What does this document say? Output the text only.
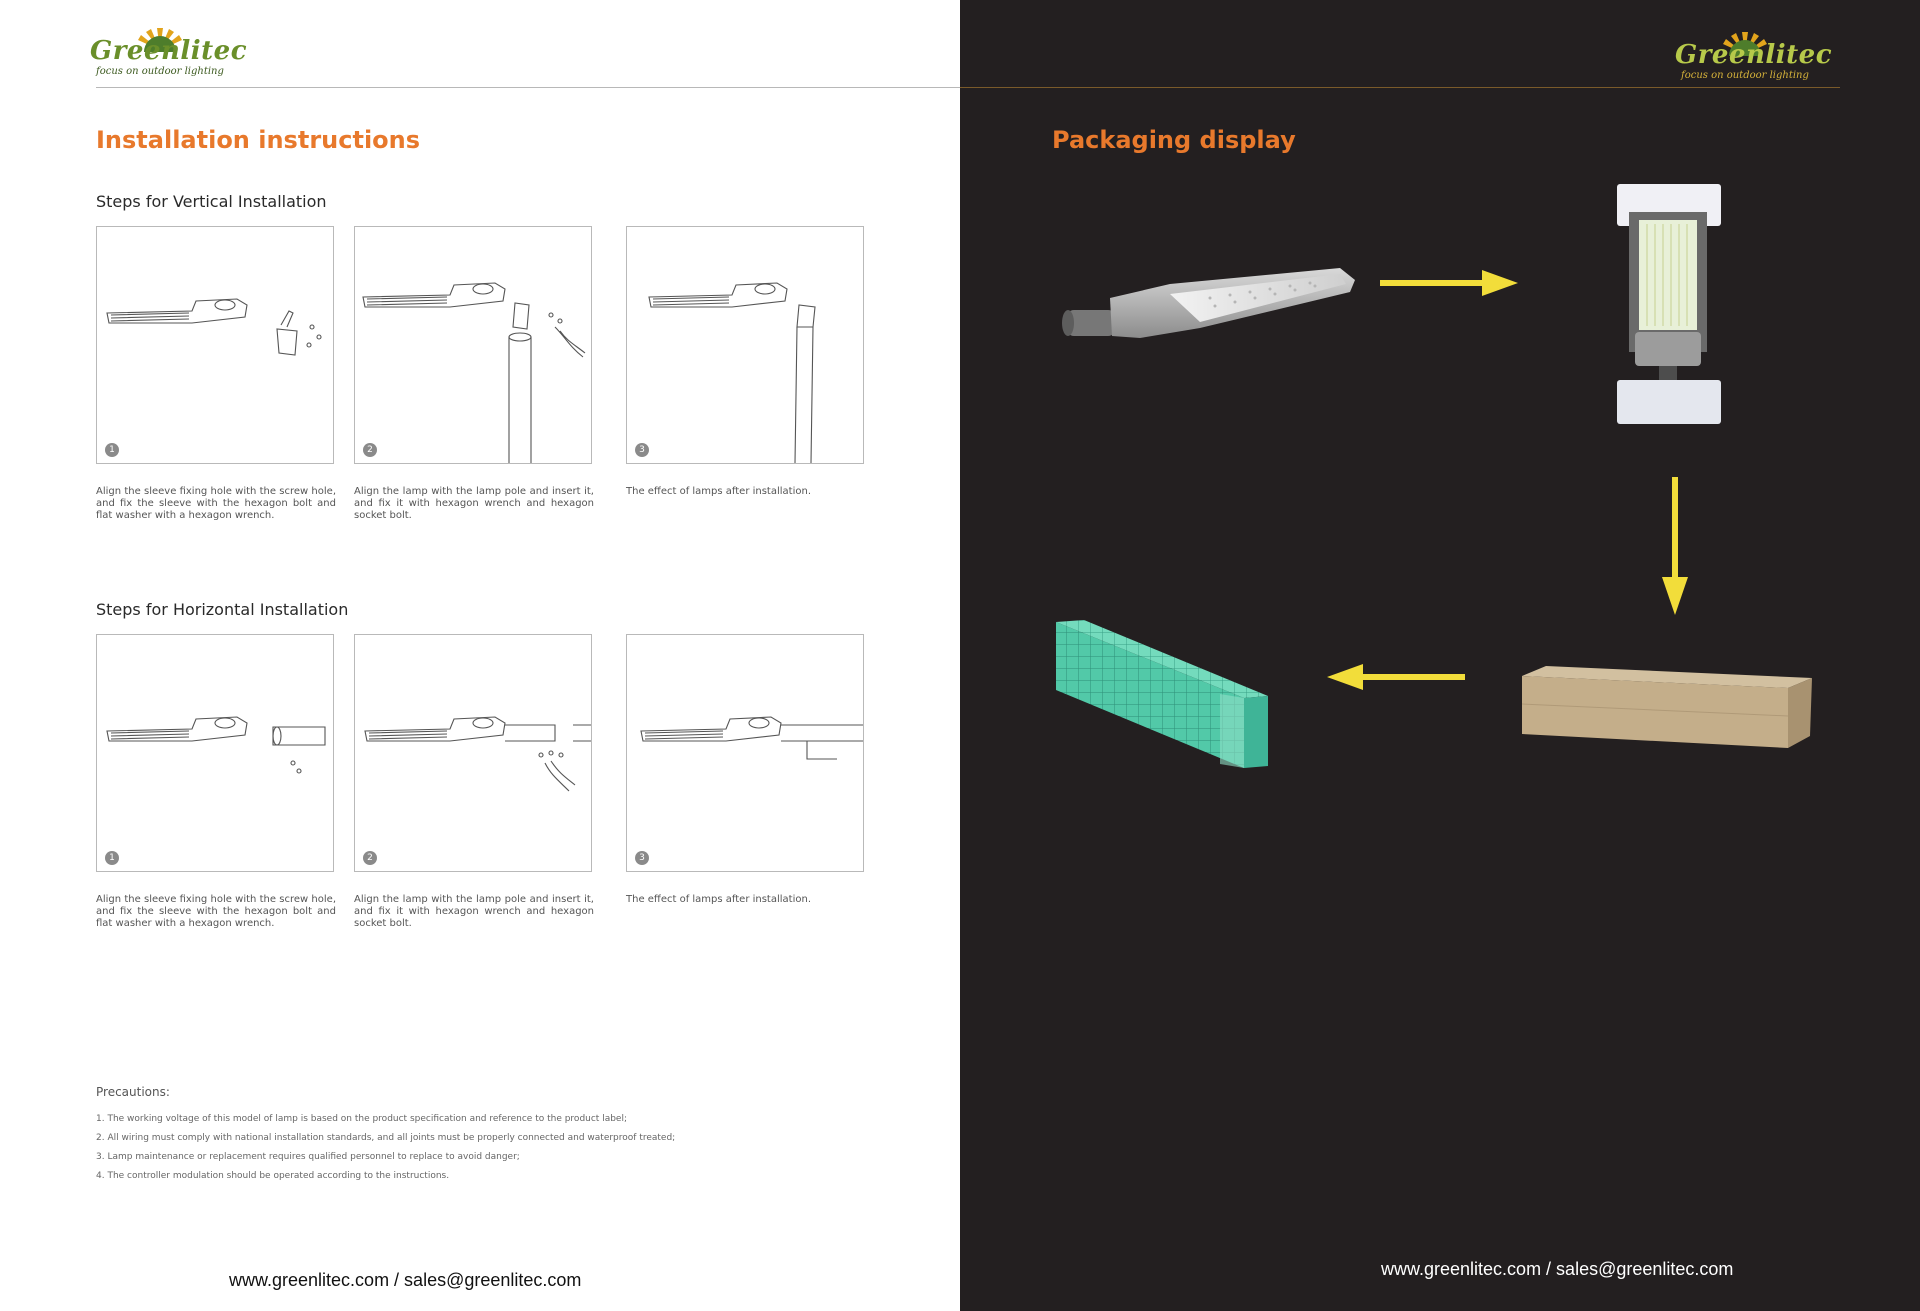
Greenlitec
focus on outdoor lighting
Installation instructions
Steps for Vertical Installation
1	2	3
Align the sleeve fixing hole with the screw hole, and fix the sleeve with the hexagon bolt and flat washer with a hexagon wrench.
Align the lamp with the lamp pole and insert it, and fix it with hexagon wrench and hexagon socket bolt.
The effect of lamps after installation.
Steps for Horizontal Installation
1	2	3
Align the sleeve fixing hole with the screw hole, and fix the sleeve with the hexagon bolt and flat washer with a hexagon wrench.
Align the lamp with the lamp pole and insert it, and fix it with hexagon wrench and hexagon socket bolt.
The effect of lamps after installation.
Precautions:
1. The working voltage of this model of lamp is based on the product specification and reference to the product label;
2. All wiring must comply with national installation standards, and all joints must be properly connected and waterproof treated;
3. Lamp maintenance or replacement requires qualified personnel to replace to avoid danger;
4. The controller modulation should be operated according to the instructions.
www.greenlitec.com / sales@greenlitec.com
Greenlitec
focus on outdoor lighting
Packaging display
www.greenlitec.com / sales@greenlitec.com
